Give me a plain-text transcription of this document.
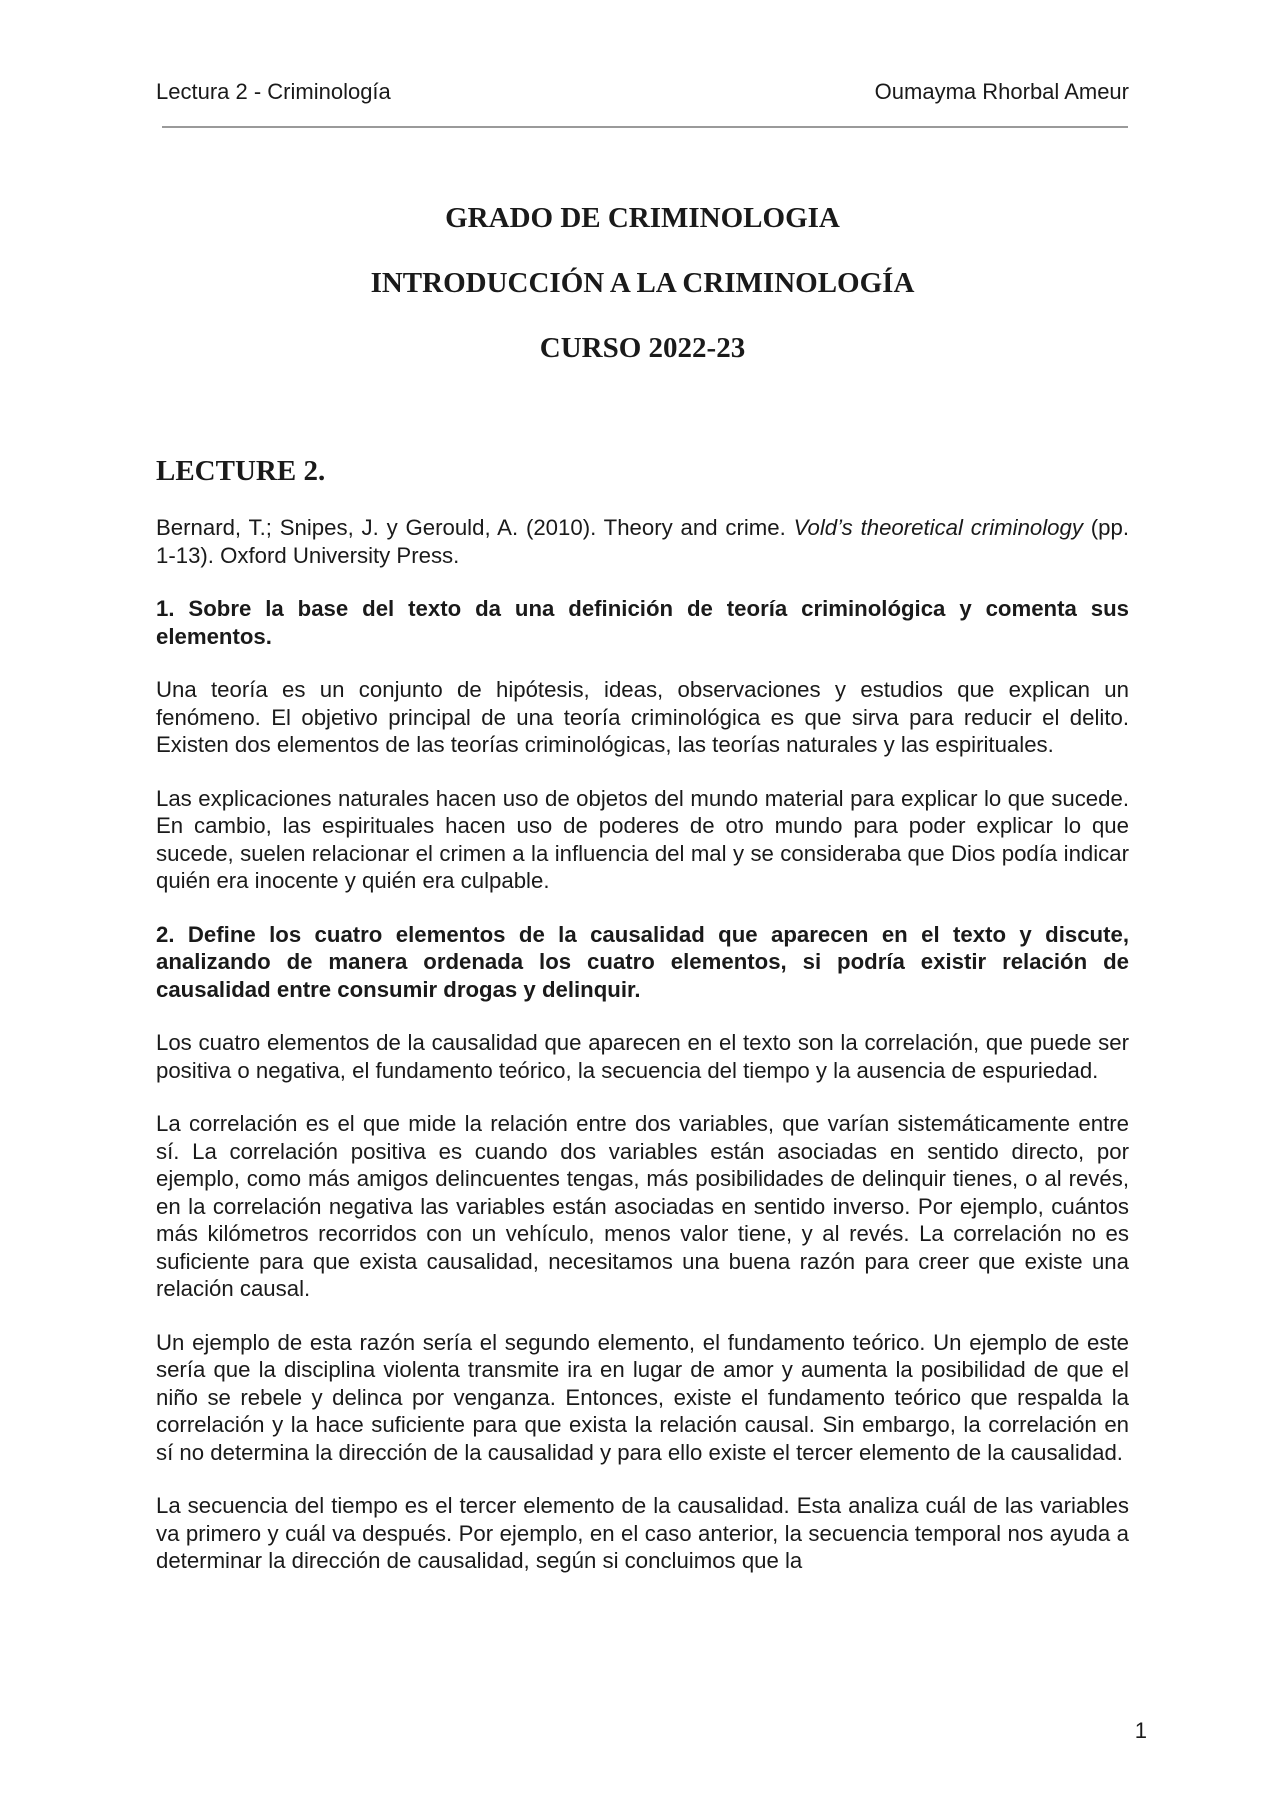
Lectura 2 - Criminología	Oumayma Rhorbal Ameur
GRADO DE CRIMINOLOGIA
INTRODUCCIÓN A LA CRIMINOLOGÍA
CURSO 2022-23
LECTURE 2.

Bernard, T.; Snipes, J. y Gerould, A. (2010). Theory and crime. Vold’s theoretical criminology (pp. 1-13). Oxford University Press.

1. Sobre la base del texto da una definición de teoría criminológica y comenta sus elementos.

Una teoría es un conjunto de hipótesis, ideas, observaciones y estudios que explican un fenómeno. El objetivo principal de una teoría criminológica es que sirva para reducir el delito. Existen dos elementos de las teorías criminológicas, las teorías naturales y las espirituales.

Las explicaciones naturales hacen uso de objetos del mundo material para explicar lo que sucede. En cambio, las espirituales hacen uso de poderes de otro mundo para poder explicar lo que sucede, suelen relacionar el crimen a la influencia del mal y se consideraba que Dios podía indicar quién era inocente y quién era culpable.

2. Define los cuatro elementos de la causalidad que aparecen en el texto y discute, analizando de manera ordenada los cuatro elementos, si podría existir relación de causalidad entre consumir drogas y delinquir.

Los cuatro elementos de la causalidad que aparecen en el texto son la correlación, que puede ser positiva o negativa, el fundamento teórico, la secuencia del tiempo y la ausencia de espuriedad.

La correlación es el que mide la relación entre dos variables, que varían sistemáticamente entre sí. La correlación positiva es cuando dos variables están asociadas en sentido directo, por ejemplo, como más amigos delincuentes tengas, más posibilidades de delinquir tienes, o al revés, en la correlación negativa las variables están asociadas en sentido inverso. Por ejemplo, cuántos más kilómetros recorridos con un vehículo, menos valor tiene, y al revés. La correlación no es suficiente para que exista causalidad, necesitamos una buena razón para creer que existe una relación causal.

Un ejemplo de esta razón sería el segundo elemento, el fundamento teórico. Un ejemplo de este sería que la disciplina violenta transmite ira en lugar de amor y aumenta la posibilidad de que el niño se rebele y delinca por venganza. Entonces, existe el fundamento teórico que respalda la correlación y la hace suficiente para que exista la relación causal. Sin embargo, la correlación en sí no determina la dirección de la causalidad y para ello existe el tercer elemento de la causalidad.

La secuencia del tiempo es el tercer elemento de la causalidad. Esta analiza cuál de las variables va primero y cuál va después. Por ejemplo, en el caso anterior, la secuencia temporal nos ayuda a determinar la dirección de causalidad, según si concluimos que la

1
